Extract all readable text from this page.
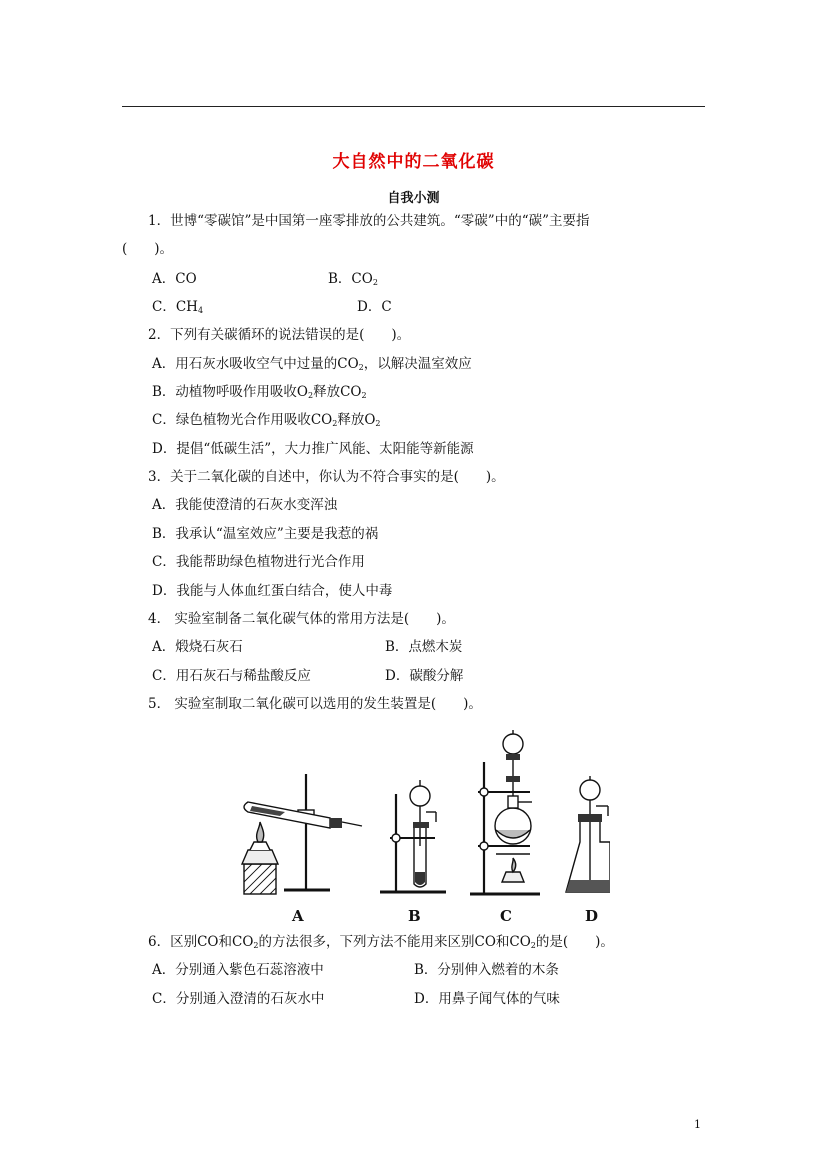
大自然中的二氧化碳
自我小测
1．世博“零碳馆”是中国第一座零排放的公共建筑。“零碳”中的“碳”主要指
(　　)。
A．CO	B．$CO_2$
C．$CH_4$	D．C
2．下列有关碳循环的说法错误的是(　　)。
A．用石灰水吸收空气中过量的$CO_2$，以解决温室效应
B．动植物呼吸作用吸收$O_2$释放$CO_2$
C．绿色植物光合作用吸收$CO_2$释放$O_2$
D．提倡“低碳生活”，大力推广风能、太阳能等新能源
3．关于二氧化碳的自述中，你认为不符合事实的是(　　)。
A．我能使澄清的石灰水变浑浊
B．我承认“温室效应”主要是我惹的祸
C．我能帮助绿色植物进行光合作用
D．我能与人体血红蛋白结合，使人中毒
4． 实验室制备二氧化碳气体的常用方法是(　　)。
A．煅烧石灰石	B．点燃木炭
C．用石灰石与稀盐酸反应	D．碳酸分解
5． 实验室制取二氧化碳可以选用的发生装置是(　　)。
A	B	C	D
6．区别CO和$CO_2$的方法很多，下列方法不能用来区别CO和$CO_2$的是(　　)。
A．分别通入紫色石蕊溶液中	B．分别伸入燃着的木条
C．分别通入澄清的石灰水中	D．用鼻子闻气体的气味
1
